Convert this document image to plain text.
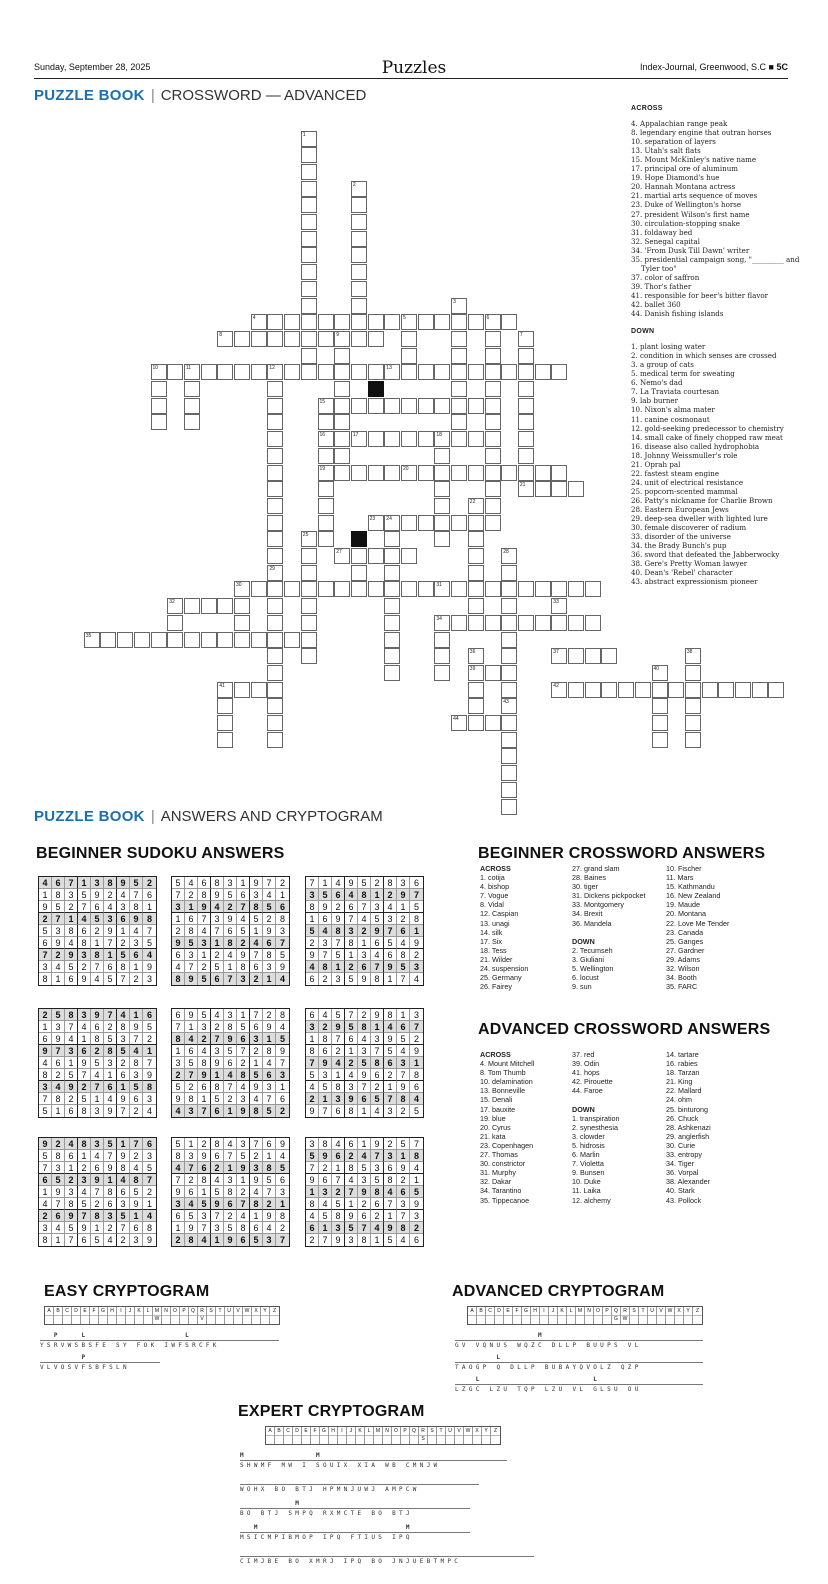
Sunday, September 28, 2025	Puzzles	Index-Journal, Greenwood, S.C ■ 5C
PUZZLE BOOK | CROSSWORD — ADVANCED
4	5	6
8	9
10	11	12	13
15
16	17	18
19	20
21
23 24
27
30	31
32
34
35
39
42
41
44
37
1
2
3
7
29
22
28
43
25
36
40
38
33
ACROSS
4. Appalachian range peak
8. legendary engine that outran horses
10. separation of layers
13. Utah's salt flats
15. Mount McKinley's native name
17. principal ore of aluminum
19. Hope Diamond's hue
20. Hannah Montana actress
21. martial arts sequence of moves
23. Duke of Wellington's horse
27. president Wilson's first name
30. circulation-stopping snake
31. foldaway bed
32. Senegal capital
34. 'From Dusk Till Dawn' writer
35. presidential campaign song, "_________ and Tyler too"
37. color of saffron
39. Thor's father
41. responsible for beer's bitter flavor
42. ballet 360
44. Danish fishing islands
DOWN
1. plant losing water
2. condition in which senses are crossed
3. a group of cats
5. medical term for sweating
6. Nemo's dad
7. La Traviata courtesan
9. lab burner
10. Nixon's alma mater
11. canine cosmonaut
12. gold-seeking predecessor to chemistry
14. small cake of finely chopped raw meat
16. disease also called hydrophobia
18. Johnny Weissmuller's role
21. Oprah pal
22. fastest steam engine
24. unit of electrical resistance
25. popcorn-scented mammal
26. Patty's nickname for Charlie Brown
28. Eastern European Jews
29. deep-sea dweller with lighted lure
30. female discoverer of radium
33. disorder of the universe
34. the Brady Bunch's pup
36. sword that defeated the Jabberwocky
38. Gere's Pretty Woman lawyer
40. Dean's 'Rebel' character
43. abstract expressionism pioneer
PUZZLE BOOK | ANSWERS AND CRYPTOGRAM
BEGINNER SUDOKU ANSWERS
4 6 7 1 3 8 9 5 2
1 8 3 5 9 2 4 7 6
9 5 2 7 6 4 3 8 1
2 7 1 4 5 3 6 9 8
5 3 8 6 2 9 1 4 7
6 9 4 8 1 7 2 3 5
7 2 9 3 8 1 5 6 4
3 4 5 2 7 6 8 1 9
8 1 6 9 4 5 7 2 3
5 4 6 8 3 1 9 7 2
7 2 8 9 5 6 3 4 1
3 1 9 4 2 7 8 5 6
1 6 7 3 9 4 5 2 8
2 8 4 7 6 5 1 9 3
9 5 3 1 8 2 4 6 7
6 3 1 2 4 9 7 8 5
4 7 2 5 1 8 6 3 9
8 9 5 6 7 3 2 1 4
7 1 4 9 5 2 8 3 6
3 5 6 4 8 1 2 9 7
8 9 2 6 7 3 4 1 5
1 6 9 7 4 5 3 2 8
5 4 8 3 2 9 7 6 1
2 3 7 8 1 6 5 4 9
9 7 5 1 3 4 6 8 2
4 8 1 2 6 7 9 5 3
6 2 3 5 9 8 1 7 4
2 5 8 3 9 7 4 1 6
1 3 7 4 6 2 8 9 5
6 9 4 1 8 5 3 7 2
9 7 3 6 2 8 5 4 1
4 6 1 9 5 3 2 8 7
8 2 5 7 4 1 6 3 9
3 4 9 2 7 6 1 5 8
7 8 2 5 1 4 9 6 3
5 1 6 8 3 9 7 2 4
6 9 5 4 3 1 7 2 8
7 1 3 2 8 5 6 9 4
8 4 2 7 9 6 3 1 5
1 6 4 3 5 7 2 8 9
3 5 8 9 6 2 1 4 7
2 7 9 1 4 8 5 6 3
5 2 6 8 7 4 9 3 1
9 8 1 5 2 3 4 7 6
4 3 7 6 1 9 8 5 2
6 4 5 7 2 9 8 1 3
3 2 9 5 8 1 4 6 7
1 8 7 6 4 3 9 5 2
8 6 2 1 3 7 5 4 9
7 9 4 2 5 8 6 3 1
5 3 1 4 9 6 2 7 8
4 5 8 3 7 2 1 9 6
2 1 3 9 6 5 7 8 4
9 7 6 8 1 4 3 2 5
9 2 4 8 3 5 1 7 6
5 8 6 1 4 7 9 2 3
7 3 1 2 6 9 8 4 5
6 5 2 3 9 1 4 8 7
1 9 3 4 7 8 6 5 2
4 7 8 5 2 6 3 9 1
2 6 9 7 8 3 5 1 4
3 4 5 9 1 2 7 6 8
8 1 7 6 5 4 2 3 9
5 1 2 8 4 3 7 6 9
8 3 9 6 7 5 2 1 4
4 7 6 2 1 9 3 8 5
7 2 8 4 3 1 9 5 6
9 6 1 5 8 2 4 7 3
3 4 5 9 6 7 8 2 1
6 5 3 7 2 4 1 9 8
1 9 7 3 5 8 6 4 2
2 8 4 1 9 6 5 3 7
3 8 4 6 1 9 2 5 7
5 9 6 2 4 7 3 1 8
7 2 1 8 5 3 6 9 4
9 6 7 4 3 5 8 2 1
1 3 2 7 9 8 4 6 5
8 4 5 1 2 6 7 3 9
4 5 8 9 6 2 1 7 3
6 1 3 5 7 4 9 8 2
2 7 9 3 8 1 5 4 6
BEGINNER CROSSWORD ANSWERS
ACROSS
1. cotija
4. bishop
7. Vogue
8. Vidal
12. Caspian
13. unagi
14. silk
17. Six
18. Tess
21. Wilder
24. suspension
25. Germany
26. Fairey
27. grand slam
28. Baines
30. tiger
31. Dickens pickpocket
33. Montgomery
34. Brexit
36. Mandela

DOWN
2. Tecumseh
3. Giuliani
5. Wellington
6. locust
9. sun
10. Fischer
11. Mars
15. Kathmandu
16. New Zealand
19. Maude
20. Montana
22. Love Me Tender
23. Canada
25. Ganges
27. Gardner
29. Adams
32. Wilson
34. Booth
35. FARC
ADVANCED CROSSWORD ANSWERS
ACROSS
4. Mount Mitchell
8. Tom Thumb
10. delamination
13. Bonneville
15. Denali
17. bauxite
19. blue
20. Cyrus
21. kata
23. Copenhagen
27. Thomas
30. constrictor
31. Murphy
32. Dakar
34. Tarantino
35. Tippecanoe
37. red
39. Odin
41. hops
42. Pirouette
44. Faroe

DOWN
1. transpiration
2. synesthesia
3. clowder
5. hidrosis
6. Marlin
7. Violetta
9. Bunsen
10. Duke
11. Laika
12. alchemy
14. tartare
16. rabies
18. Tarzan
21. King
22. Mallard
24. ohm
25. binturong
26. Chuck
28. Ashkenazi
29. anglerfish
30. Curie
33. entropy
34. Tiger
36. Vorpal
38. Alexander
40. Stark
43. Pollock
EASY CRYPTOGRAM	ADVANCED CRYPTOGRAM
EXPERT CRYPTOGRAM
A	B	C	D	E	F	G	H	I	J	K	L	M
W
N	O	P	Q	R
V
S	T	U	V W X	Y	Z
P   L              L
YSRVWSBSFE SY FOK IWFSRCFK
P
VLVOSVFSBFSLN
A	B	C	D	E	F	G	H	I	J	K	L	M	N	O	P	Q
G
R
W
S	T	U	V W X	Y	Z
M
GV VQNUS WQZC DLLP BUUPS VL
L
TAOGP Q DLLP BUBAYQVOLZ QZP
L                L
LZGC LZU TQP LZU VL GLSU OU
A	B	C	D	E	F	G	H	I	J	K	L	M	N	O	P	Q	R
S
S	T	U	V W X	Y	Z
M          M
SHWMF MW I SOUIX XIA WB CMNJW

WOHX BO BTJ HPMNJUWJ AMPCW
M
BO BTJ SMPQ RXMCTE BO BTJ
M                     M
MSICMPIBMOP IPQ FTIUS IPQ

CIMJBE BO XMRJ IPQ BO JNJUEBTMPC
